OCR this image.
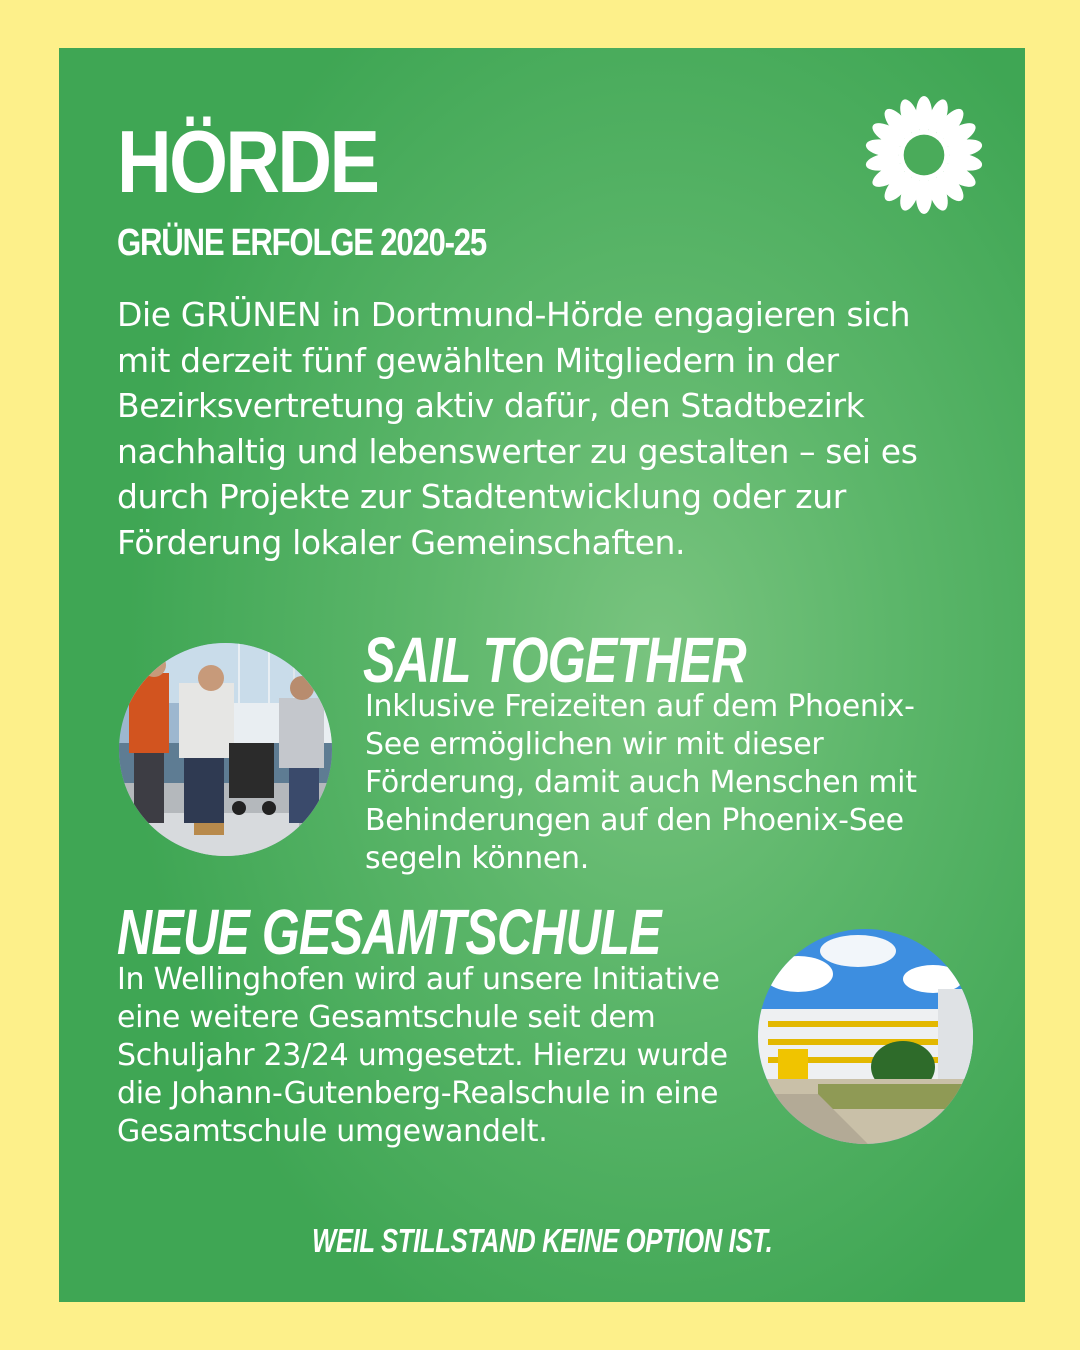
HÖRDE
GRÜNE ERFOLGE 2020-25

Die GRÜNEN in Dortmund-Hörde engagieren sich mit derzeit fünf gewählten Mitgliedern in der Bezirksvertretung aktiv dafür, den Stadtbezirk nachhaltig und lebenswerter zu gestalten – sei es durch Projekte zur Stadtentwicklung oder zur Förderung lokaler Gemeinschaften.

SAIL TOGETHER

Inklusive Freizeiten auf dem Phoenix-See ermöglichen wir mit dieser Förderung, damit auch Menschen mit Behinderungen auf den Phoenix-See segeln können.

NEUE GESAMTSCHULE

In Wellinghofen wird auf unsere Initiative eine weitere Gesamtschule seit dem Schuljahr 23/24 umgesetzt. Hierzu wurde die Johann-Gutenberg-Realschule in eine Gesamtschule umgewandelt.

WEIL STILLSTAND KEINE OPTION IST.
